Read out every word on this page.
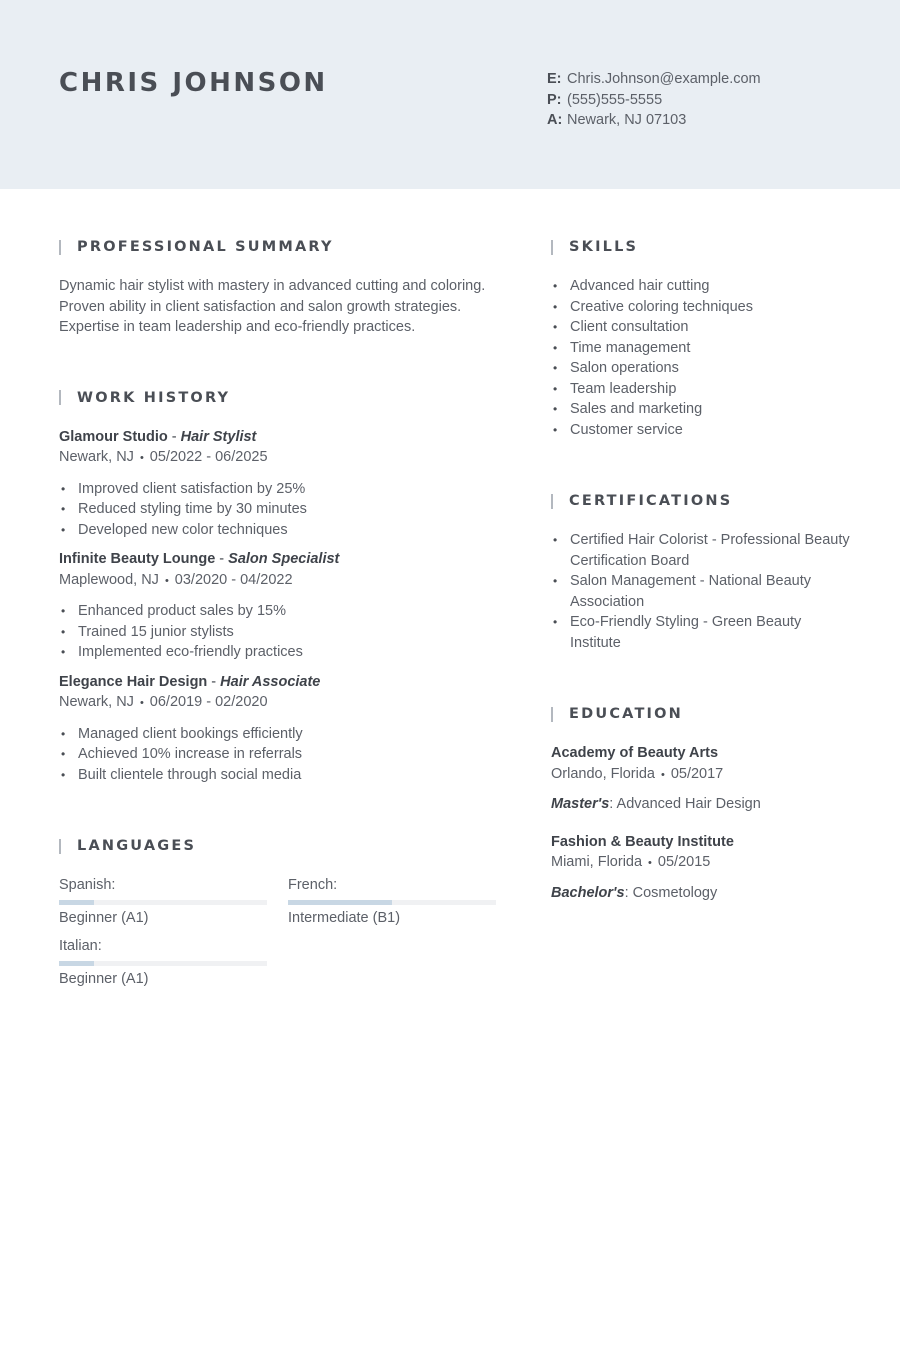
CHRIS JOHNSON	E: Chris.Johnson@example.com
P: (555)555-5555
A: Newark, NJ 07103
PROFESSIONAL SUMMARY

Dynamic hair stylist with mastery in advanced cutting and coloring. Proven ability in client satisfaction and salon growth strategies. Expertise in team leadership and eco-friendly practices.

WORK HISTORY
Glamour Studio - Hair Stylist
Newark, NJ • 05/2022 - 06/2025
• Improved client satisfaction by 25%
• Reduced styling time by 30 minutes
• Developed new color techniques
Infinite Beauty Lounge - Salon Specialist
Maplewood, NJ • 03/2020 - 04/2022
• Enhanced product sales by 15%
• Trained 15 junior stylists
• Implemented eco-friendly practices
Elegance Hair Design - Hair Associate
Newark, NJ • 06/2019 - 02/2020
• Managed client bookings efficiently
• Achieved 10% increase in referrals
• Built clientele through social media
LANGUAGES
Spanish:
Beginner (A1)
French:
Intermediate (B1)
Italian:
Beginner (A1)
SKILLS
• Advanced hair cutting
• Creative coloring techniques
• Client consultation
• Time management
• Salon operations
• Team leadership
• Sales and marketing
• Customer service
CERTIFICATIONS
• Certified Hair Colorist - Professional Beauty Certification Board
• Salon Management - National Beauty Association
• Eco-Friendly Styling - Green Beauty Institute
EDUCATION
Academy of Beauty Arts
Orlando, Florida • 05/2017
Master's: Advanced Hair Design
Fashion & Beauty Institute
Miami, Florida • 05/2015
Bachelor's: Cosmetology
